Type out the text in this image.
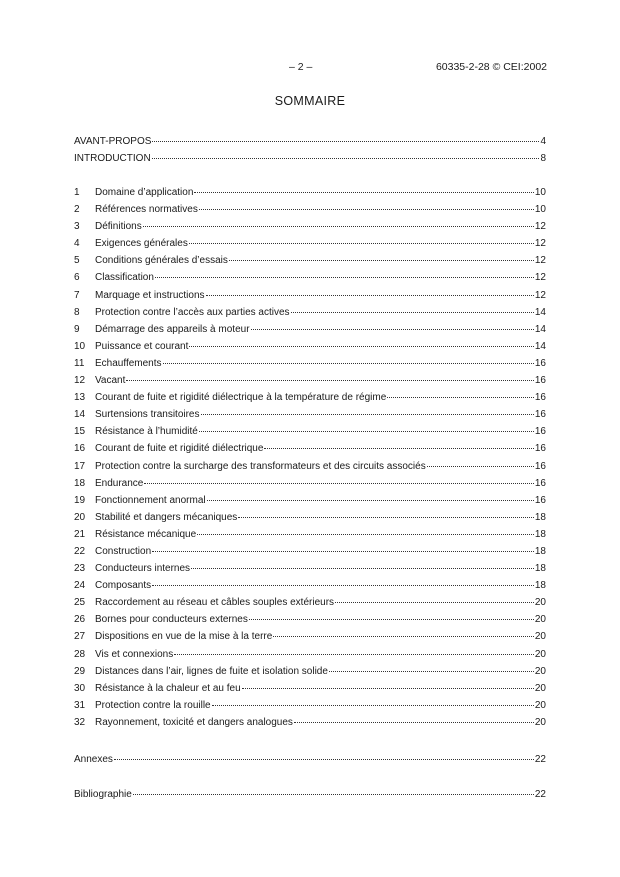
– 2 –	60335-2-28 © CEI:2002
SOMMAIRE
AVANT-PROPOS	4
INTRODUCTION	8
1	Domaine d’application	10
2	Références normatives	10
3	Définitions	12
4	Exigences générales	12
5	Conditions générales d’essais	12
6	Classification	12
7	Marquage et instructions	12
8	Protection contre l’accès aux parties actives	14
9	Démarrage des appareils à moteur	14
10 Puissance et courant	14
11	Echauffements	16
12 Vacant	16
13 Courant de fuite et rigidité diélectrique à la température de régime	16
14 Surtensions transitoires	16
15 Résistance à l’humidité	16
16 Courant de fuite et rigidité diélectrique	16
17 Protection contre la surcharge des transformateurs et des circuits associés	16
18 Endurance	16
19 Fonctionnement anormal	16
20 Stabilité et dangers mécaniques	18
21 Résistance mécanique	18
22 Construction	18
23 Conducteurs internes	18
24 Composants	18
25 Raccordement au réseau et câbles souples extérieurs	20
26 Bornes pour conducteurs externes	20
27 Dispositions en vue de la mise à la terre	20
28 Vis et connexions	20
29 Distances dans l’air, lignes de fuite et isolation solide	20
30 Résistance à la chaleur et au feu	20
31 Protection contre la rouille	20
32 Rayonnement, toxicité et dangers analogues	20
Annexes	22
Bibliographie	22
